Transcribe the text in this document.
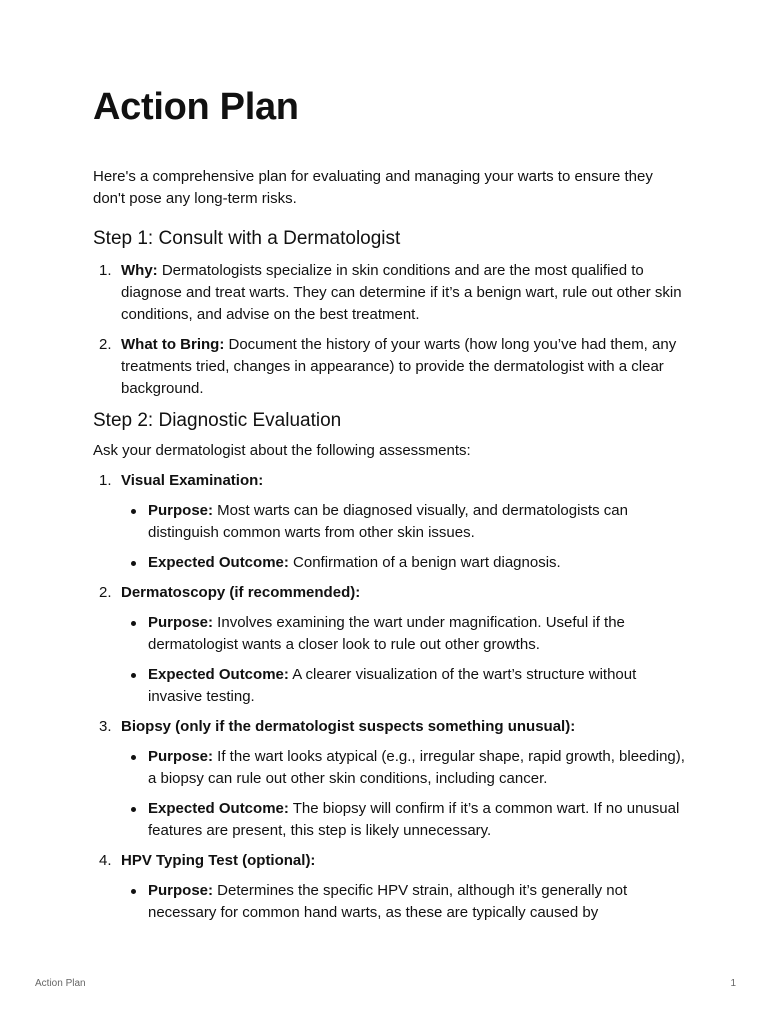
Action Plan

Here's a comprehensive plan for evaluating and managing your warts to ensure they don't pose any long-term risks.

Step 1: Consult with a Dermatologist
1. Why: Dermatologists specialize in skin conditions and are the most qualified to diagnose and treat warts. They can determine if it’s a benign wart, rule out other skin conditions, and advise on the best treatment.
2. What to Bring: Document the history of your warts (how long you’ve had them, any treatments tried, changes in appearance) to provide the dermatologist with a clear background.
Step 2: Diagnostic Evaluation

Ask your dermatologist about the following assessments:

1. Visual Examination:
Purpose: Most warts can be diagnosed visually, and dermatologists can distinguish common warts from other skin issues.
Expected Outcome: Confirmation of a benign wart diagnosis.
2. Dermatoscopy (if recommended):
Purpose: Involves examining the wart under magnification. Useful if the dermatologist wants a closer look to rule out other growths.
Expected Outcome: A clearer visualization of the wart’s structure without invasive testing.
3. Biopsy (only if the dermatologist suspects something unusual):
Purpose: If the wart looks atypical (e.g., irregular shape, rapid growth, bleeding), a biopsy can rule out other skin conditions, including cancer.
Expected Outcome: The biopsy will confirm if it’s a common wart. If no unusual features are present, this step is likely unnecessary.
4. HPV Typing Test (optional):
Purpose: Determines the specific HPV strain, although it’s generally not necessary for common hand warts, as these are typically caused by
Action Plan	1
